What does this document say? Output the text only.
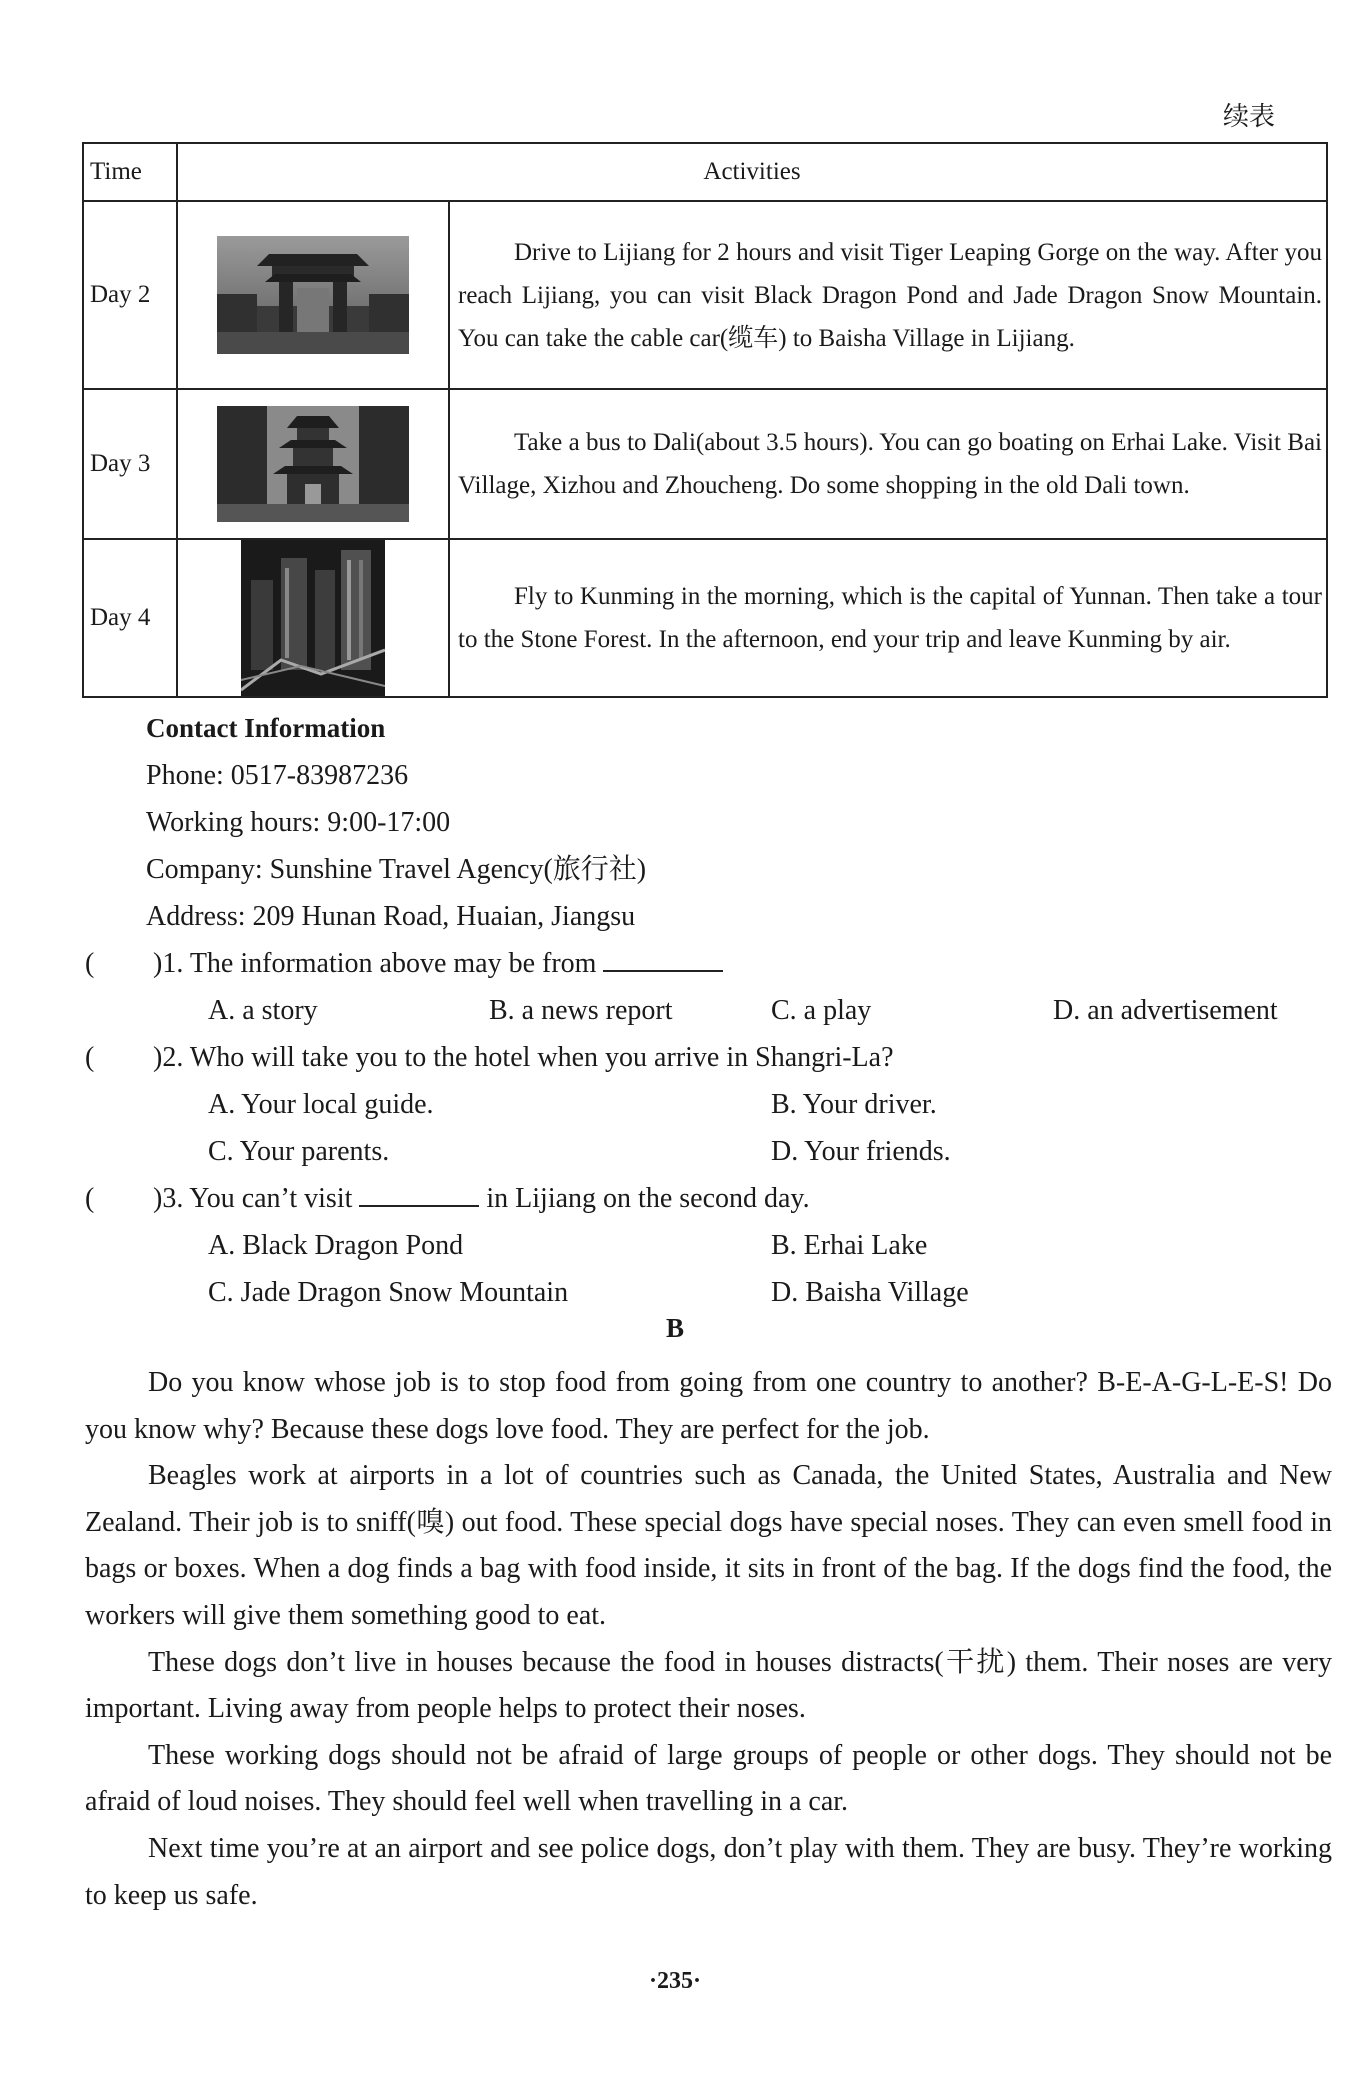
续表
Time	Activities	
Day 2		Drive to Lijiang for 2 hours and visit Tiger Leaping Gorge on the way. After you reach Lijiang, you can visit Black Dragon Pond and Jade Dragon Snow Mountain. You can take the cable car(缆车) to Baisha Village in Lijiang.

Day 3		Take a bus to Dali(about 3.5 hours). You can go boating on Erhai Lake. Visit Bai Village, Xizhou and Zhoucheng. Do some shopping in the old Dali town.

Day 4		Fly to Kunming in the morning, which is the capital of Yunnan. Then take a tour to the Stone Forest. In the afternoon, end your trip and leave Kunming by air.
Contact Information
Phone: 0517-83987236
Working hours: 9:00-17:00
Company: Sunshine Travel Agency(旅行社)
Address: 209 Hunan Road, Huaian, Jiangsu
( )1. The information above may be from
A. a story	B. a news report	C. a play	D. an advertisement
( )2. Who will take you to the hotel when you arrive in Shangri-La?
A. Your local guide.	B. Your driver.
C. Your parents.	D. Your friends.
( )3. You can’t visit	in Lijiang on the second day.
A. Black Dragon Pond	B. Erhai Lake
C. Jade Dragon Snow Mountain	D. Baisha Village
B

Do you know whose job is to stop food from going from one country to another? B-E-A-G-L-E-S! Do you know why? Because these dogs love food. They are perfect for the job.

Beagles work at airports in a lot of countries such as Canada, the United States, Australia and New Zealand. Their job is to sniff(嗅) out food. These special dogs have special noses. They can even smell food in bags or boxes. When a dog finds a bag with food inside, it sits in front of the bag. If the dogs find the food, the workers will give them something good to eat.

These dogs don’t live in houses because the food in houses distracts(干扰) them. Their noses are very important. Living away from people helps to protect their noses.

These working dogs should not be afraid of large groups of people or other dogs. They should not be afraid of loud noises. They should feel well when travelling in a car.

Next time you’re at an airport and see police dogs, don’t play with them. They are busy. They’re working to keep us safe.

·235·
